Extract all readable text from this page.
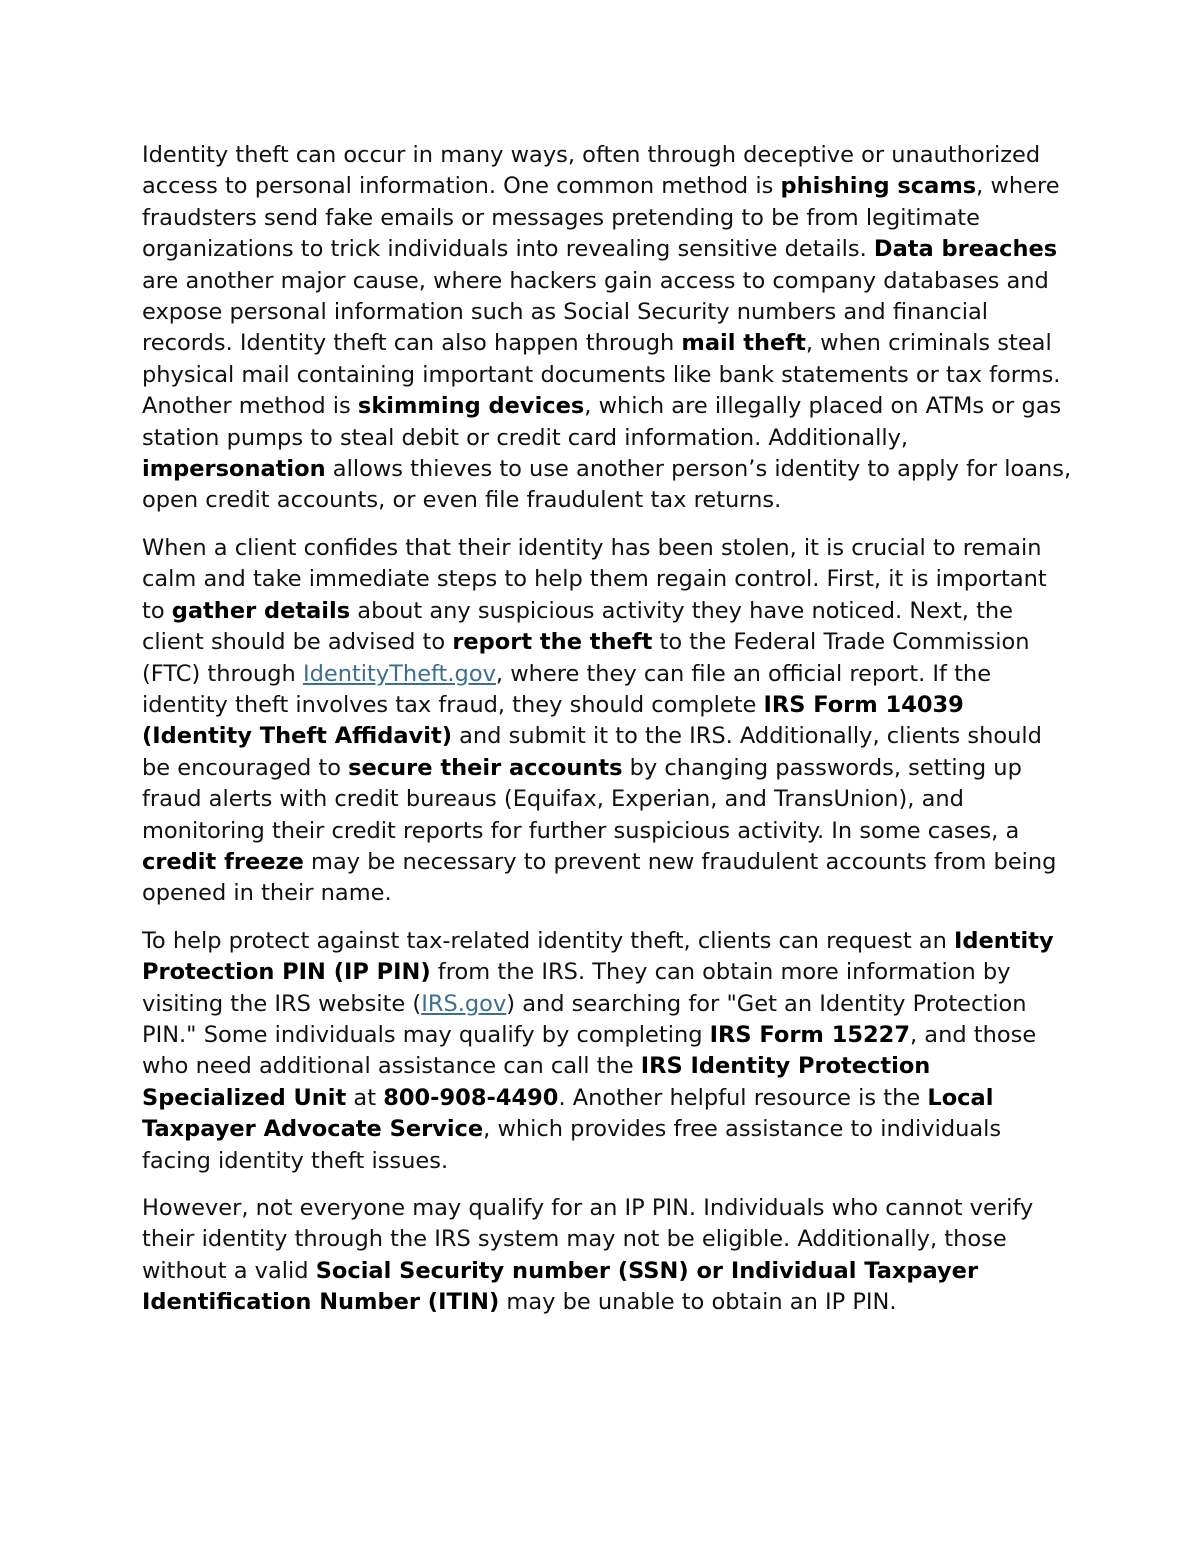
Identity theft can occur in many ways, often through deceptive or unauthorized access to personal information. One common method is phishing scams, where fraudsters send fake emails or messages pretending to be from legitimate organizations to trick individuals into revealing sensitive details. Data breaches are another major cause, where hackers gain access to company databases and expose personal information such as Social Security numbers and financial records. Identity theft can also happen through mail theft, when criminals steal physical mail containing important documents like bank statements or tax forms. Another method is skimming devices, which are illegally placed on ATMs or gas station pumps to steal debit or credit card information. Additionally, impersonation allows thieves to use another person’s identity to apply for loans, open credit accounts, or even file fraudulent tax returns.

When a client confides that their identity has been stolen, it is crucial to remain calm and take immediate steps to help them regain control. First, it is important to gather details about any suspicious activity they have noticed. Next, the client should be advised to report the theft to the Federal Trade Commission (FTC) through IdentityTheft.gov, where they can file an official report. If the identity theft involves tax fraud, they should complete IRS Form 14039 (Identity Theft Affidavit) and submit it to the IRS. Additionally, clients should be encouraged to secure their accounts by changing passwords, setting up fraud alerts with credit bureaus (Equifax, Experian, and TransUnion), and monitoring their credit reports for further suspicious activity. In some cases, a credit freeze may be necessary to prevent new fraudulent accounts from being opened in their name.

To help protect against tax-related identity theft, clients can request an Identity Protection PIN (IP PIN) from the IRS. They can obtain more information by visiting the IRS website (IRS.gov) and searching for "Get an Identity Protection PIN." Some individuals may qualify by completing IRS Form 15227, and those who need additional assistance can call the IRS Identity Protection Specialized Unit at 800-908-4490. Another helpful resource is the Local Taxpayer Advocate Service, which provides free assistance to individuals facing identity theft issues.

However, not everyone may qualify for an IP PIN. Individuals who cannot verify their identity through the IRS system may not be eligible. Additionally, those without a valid Social Security number (SSN) or Individual Taxpayer Identification Number (ITIN) may be unable to obtain an IP PIN.
